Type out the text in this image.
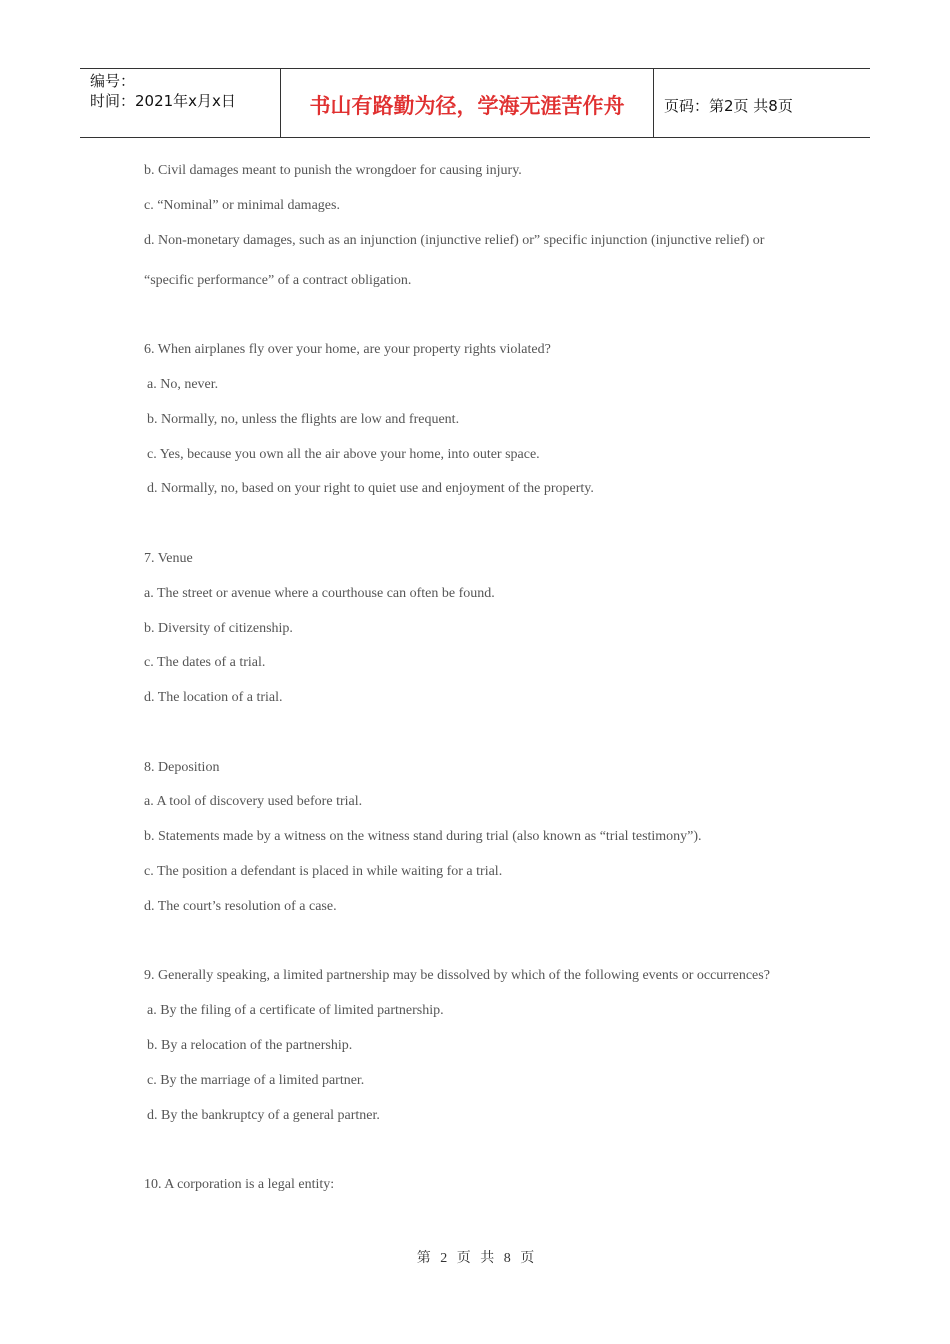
编号：
时间：2021年x月x日	书山有路勤为径，学海无涯苦作舟	页码：第2页 共8页
b. Civil damages meant to punish the wrongdoer for causing injury.
c. “Nominal” or minimal damages.
d. Non-monetary damages, such as an injunction (injunctive relief) or” specific injunction (injunctive relief) or
“specific performance” of a contract obligation.
6. When airplanes fly over your home, are your property rights violated?
a. No, never.
b. Normally, no, unless the flights are low and frequent.
c. Yes, because you own all the air above your home, into outer space.
d. Normally, no, based on your right to quiet use and enjoyment of the property.
7. Venue
a. The street or avenue where a courthouse can often be found.
b. Diversity of citizenship.
c. The dates of a trial.
d. The location of a trial.
8. Deposition
a. A tool of discovery used before trial.
b. Statements made by a witness on the witness stand during trial (also known as “trial testimony”).
c. The position a defendant is placed in while waiting for a trial.
d. The court’s resolution of a case.
9. Generally speaking, a limited partnership may be dissolved by which of the following events or occurrences?
a. By the filing of a certificate of limited partnership.
b. By a relocation of the partnership.
c. By the marriage of a limited partner.
d. By the bankruptcy of a general partner.
10. A corporation is a legal entity:
第 2 页 共 8 页
